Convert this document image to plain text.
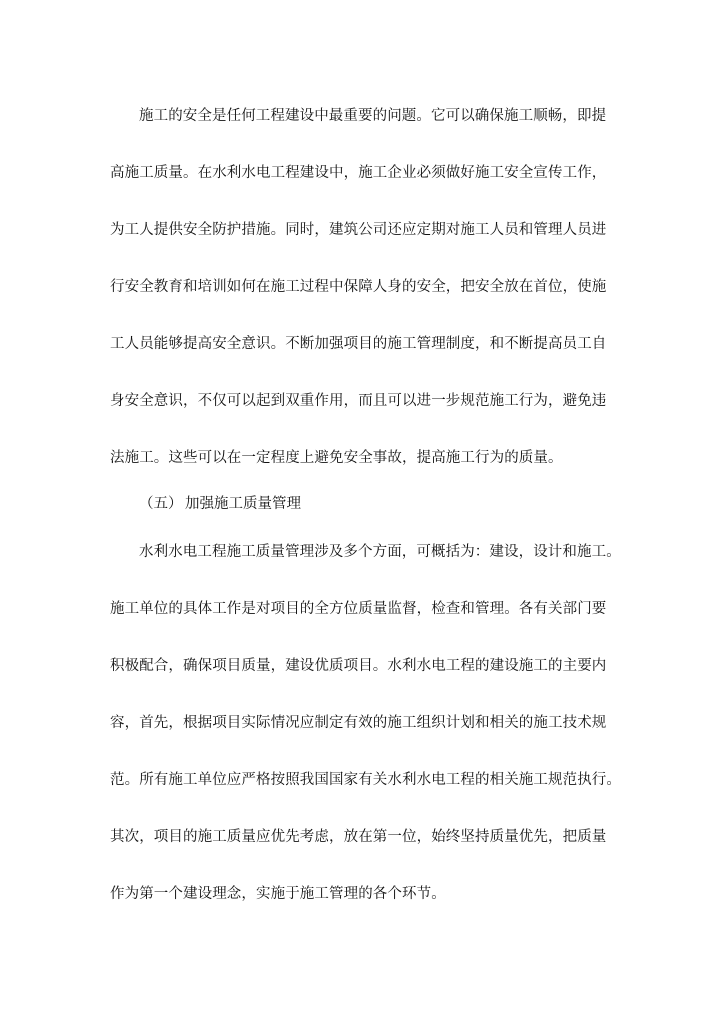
施工的安全是任何工程建设中最重要的问题。它可以确保施工顺畅，即提
高施工质量。在水利水电工程建设中，施工企业必须做好施工安全宣传工作，
为工人提供安全防护措施。同时，建筑公司还应定期对施工人员和管理人员进
行安全教育和培训如何在施工过程中保障人身的安全，把安全放在首位，使施
工人员能够提高安全意识。不断加强项目的施工管理制度，和不断提高员工自
身安全意识，不仅可以起到双重作用，而且可以进一步规范施工行为，避免违
法施工。这些可以在一定程度上避免安全事故，提高施工行为的质量。
（五） 加强施工质量管理
水利水电工程施工质量管理涉及多个方面，可概括为：建设，设计和施工。
施工单位的具体工作是对项目的全方位质量监督，检查和管理。各有关部门要
积极配合，确保项目质量，建设优质项目。水利水电工程的建设施工的主要内
容，首先，根据项目实际情况应制定有效的施工组织计划和相关的施工技术规
范。所有施工单位应严格按照我国国家有关水利水电工程的相关施工规范执行。
其次，项目的施工质量应优先考虑，放在第一位，始终坚持质量优先，把质量
作为第一个建设理念，实施于施工管理的各个环节。
